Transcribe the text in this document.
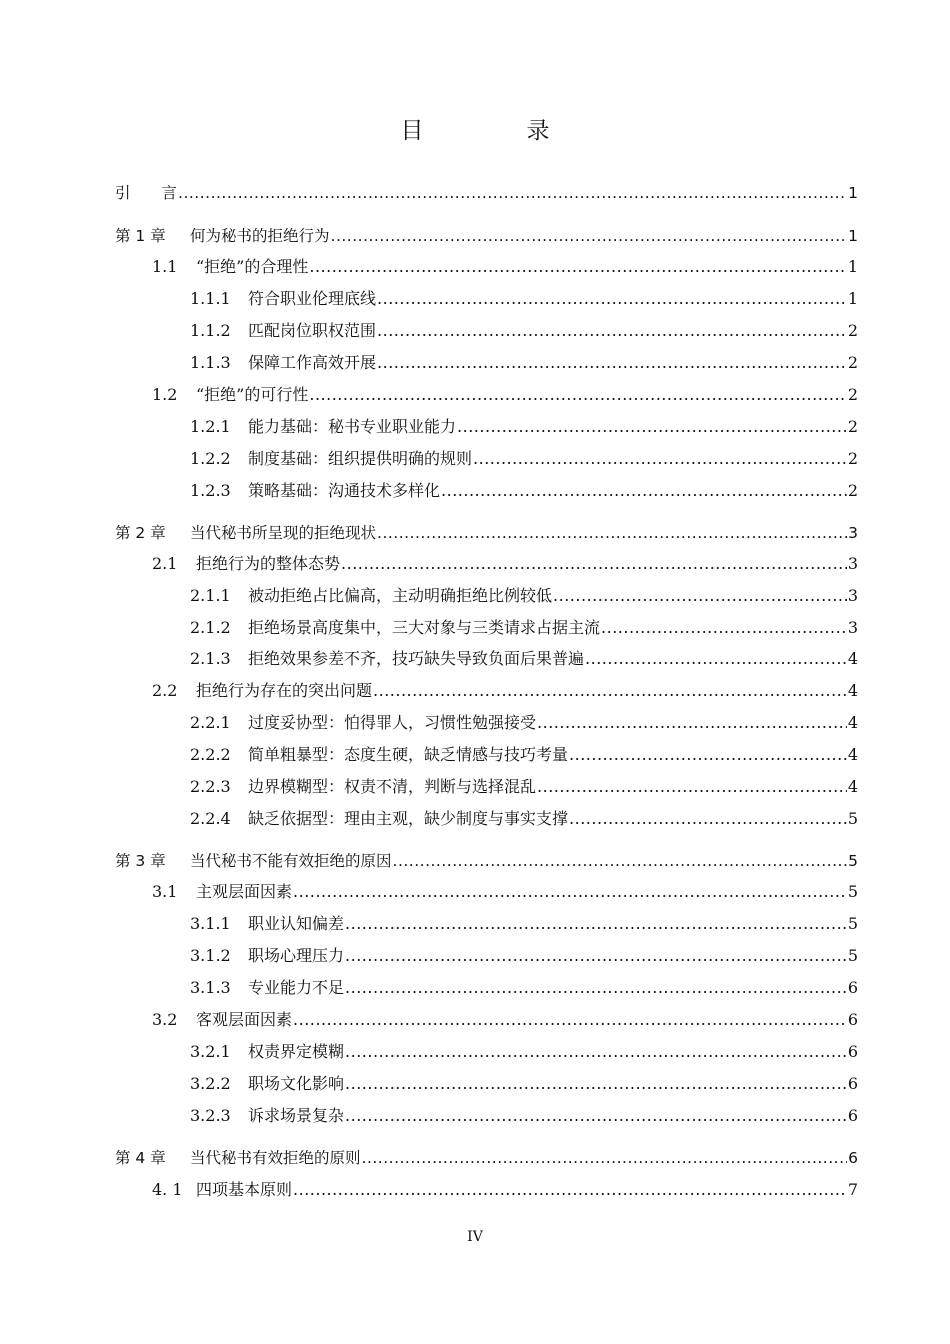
目　录
引　　言 .....	1
第 1 章	何为秘书的拒绝行为 .....	1
1.1	“拒绝”的合理性 .....	1
1.1.1	符合职业伦理底线 .....	1
1.1.2	匹配岗位职权范围 .....	2
1.1.3	保障工作高效开展 .....	2
1.2	“拒绝”的可行性 .....	2
1.2.1	能力基础：秘书专业职业能力 .....	2
1.2.2	制度基础：组织提供明确的规则 .....	2
1.2.3	策略基础：沟通技术多样化 .....	2
第 2 章	当代秘书所呈现的拒绝现状 .....	3
2.1	拒绝行为的整体态势 .....	3
2.1.1	被动拒绝占比偏高，主动明确拒绝比例较低 .....	3
2.1.2	拒绝场景高度集中，三大对象与三类请求占据主流 .....	3
2.1.3	拒绝效果参差不齐，技巧缺失导致负面后果普遍 .....	4
2.2	拒绝行为存在的突出问题 .....	4
2.2.1	过度妥协型：怕得罪人，习惯性勉强接受 .....	4
2.2.2	简单粗暴型：态度生硬，缺乏情感与技巧考量 .....	4
2.2.3	边界模糊型：权责不清，判断与选择混乱 .....	4
2.2.4	缺乏依据型：理由主观，缺少制度与事实支撑 .....	5
第 3 章	当代秘书不能有效拒绝的原因 .....	5
3.1	主观层面因素 .....	5
3.1.1	职业认知偏差 .....	5
3.1.2	职场心理压力 .....	5
3.1.3	专业能力不足 .....	6
3.2	客观层面因素 .....	6
3.2.1	权责界定模糊 .....	6
3.2.2	职场文化影响 .....	6
3.2.3	诉求场景复杂 .....	6
第 4 章	当代秘书有效拒绝的原则 .....	6
4. 1 四项基本原则 .....	7
IV
